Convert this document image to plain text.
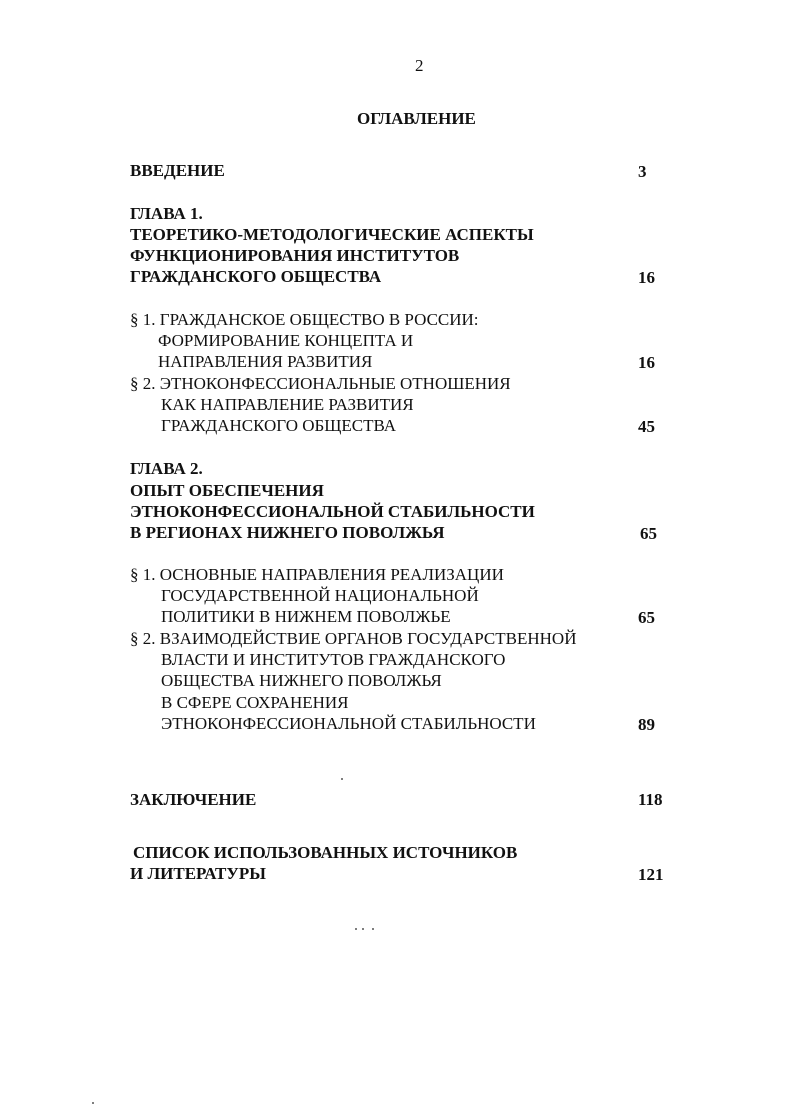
2
ОГЛАВЛЕНИЕ
ВВЕДЕНИЕ	3
ГЛАВА 1.
ТЕОРЕТИКО-МЕТОДОЛОГИЧЕСКИЕ АСПЕКТЫ
ФУНКЦИОНИРОВАНИЯ ИНСТИТУТОВ
ГРАЖДАНСКОГО ОБЩЕСТВА	16
§ 1. ГРАЖДАНСКОЕ ОБЩЕСТВО В РОССИИ:
ФОРМИРОВАНИЕ КОНЦЕПТА И
НАПРАВЛЕНИЯ РАЗВИТИЯ	16
§ 2. ЭТНОКОНФЕССИОНАЛЬНЫЕ ОТНОШЕНИЯ
КАК НАПРАВЛЕНИЕ РАЗВИТИЯ
ГРАЖДАНСКОГО ОБЩЕСТВА	45
ГЛАВА 2.
ОПЫТ ОБЕСПЕЧЕНИЯ
ЭТНОКОНФЕССИОНАЛЬНОЙ СТАБИЛЬНОСТИ
В РЕГИОНАХ НИЖНЕГО ПОВОЛЖЬЯ	65
§ 1. ОСНОВНЫЕ НАПРАВЛЕНИЯ РЕАЛИЗАЦИИ
ГОСУДАРСТВЕННОЙ НАЦИОНАЛЬНОЙ
ПОЛИТИКИ В НИЖНЕМ ПОВОЛЖЬЕ	65
§ 2. ВЗАИМОДЕЙСТВИЕ ОРГАНОВ ГОСУДАРСТВЕННОЙ
ВЛАСТИ И ИНСТИТУТОВ ГРАЖДАНСКОГО
ОБЩЕСТВА НИЖНЕГО ПОВОЛЖЬЯ
В СФЕРЕ СОХРАНЕНИЯ
ЭТНОКОНФЕССИОНАЛЬНОЙ СТАБИЛЬНОСТИ	89
ЗАКЛЮЧЕНИЕ	118
СПИСОК ИСПОЛЬЗОВАННЫХ ИСТОЧНИКОВ
И ЛИТЕРАТУРЫ	121
